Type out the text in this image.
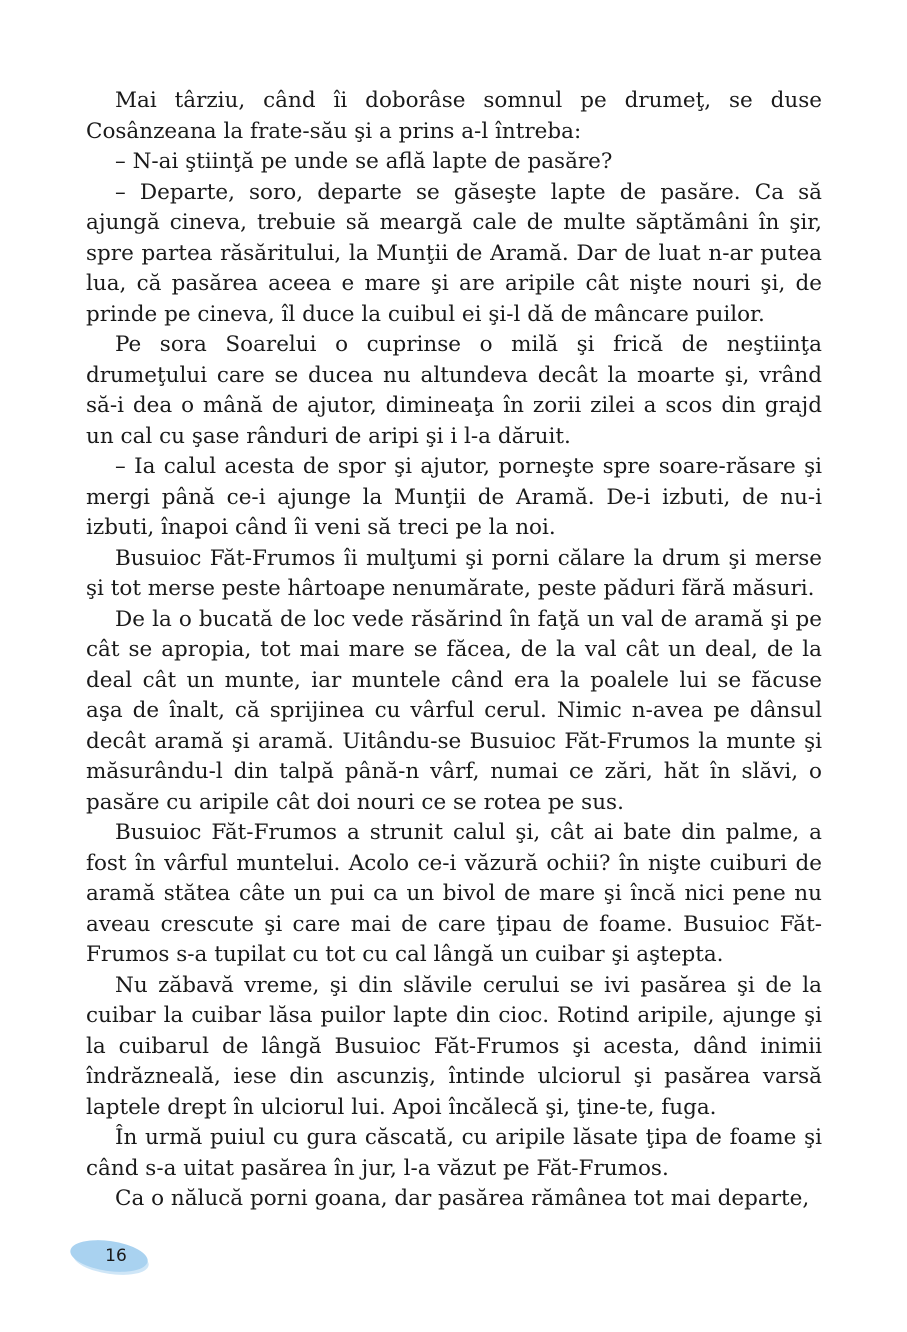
Mai târziu, când îi doborâse somnul pe drumeţ, se duse Cosânzeana la frate-său şi a prins a-l întreba:

– N-ai ştiinţă pe unde se află lapte de pasăre?

– Departe, soro, departe se găseşte lapte de pasăre. Ca să ajungă cineva, trebuie să meargă cale de multe săptămâni în şir, spre partea răsăritului, la Munţii de Aramă. Dar de luat n-ar putea lua, că pasărea aceea e mare şi are aripile cât nişte nouri şi, de prinde pe cineva, îl duce la cuibul ei şi-l dă de mâncare puilor.

Pe sora Soarelui o cuprinse o milă şi frică de neştiinţa drumeţului care se ducea nu altundeva decât la moarte şi, vrând să-i dea o mână de ajutor, dimineaţa în zorii zilei a scos din grajd un cal cu şase rânduri de aripi şi i l-a dăruit.

– Ia calul acesta de spor şi ajutor, porneşte spre soare-răsare şi mergi până ce-i ajunge la Munţii de Aramă. De-i izbuti, de nu-i izbuti, înapoi când îi veni să treci pe la noi.

Busuioc Făt-Frumos îi mulţumi şi porni călare la drum şi merse şi tot merse peste hârtoape nenumărate, peste păduri fără măsuri.

De la o bucată de loc vede răsărind în faţă un val de aramă şi pe cât se apropia, tot mai mare se făcea, de la val cât un deal, de la deal cât un munte, iar muntele când era la poalele lui se făcuse aşa de înalt, că sprijinea cu vârful cerul. Nimic n-avea pe dânsul decât aramă şi aramă. Uitându-se Busuioc Făt-Frumos la munte şi măsurându-l din talpă până-n vârf, numai ce zări, hăt în slăvi, o pasăre cu aripile cât doi nouri ce se rotea pe sus.

Busuioc Făt-Frumos a strunit calul şi, cât ai bate din palme, a fost în vârful muntelui. Acolo ce-i văzură ochii? în nişte cuiburi de aramă stătea câte un pui ca un bivol de mare şi încă nici pene nu aveau crescute şi care mai de care ţipau de foame. Busuioc Făt-Frumos s-a tupilat cu tot cu cal lângă un cuibar şi aştepta.

Nu zăbavă vreme, şi din slăvile cerului se ivi pasărea şi de la cuibar la cuibar lăsa puilor lapte din cioc. Rotind aripile, ajunge şi la cuibarul de lângă Busuioc Făt-Frumos şi acesta, dând inimii îndrăzneală, iese din ascunziş, întinde ulciorul şi pasărea varsă laptele drept în ulciorul lui. Apoi încălecă şi, ţine-te, fuga.

În urmă puiul cu gura căscată, cu aripile lăsate ţipa de foame şi când s-a uitat pasărea în jur, l-a văzut pe Făt-Frumos.

Ca o nălucă porni goana, dar pasărea rămânea tot mai departe,

16
